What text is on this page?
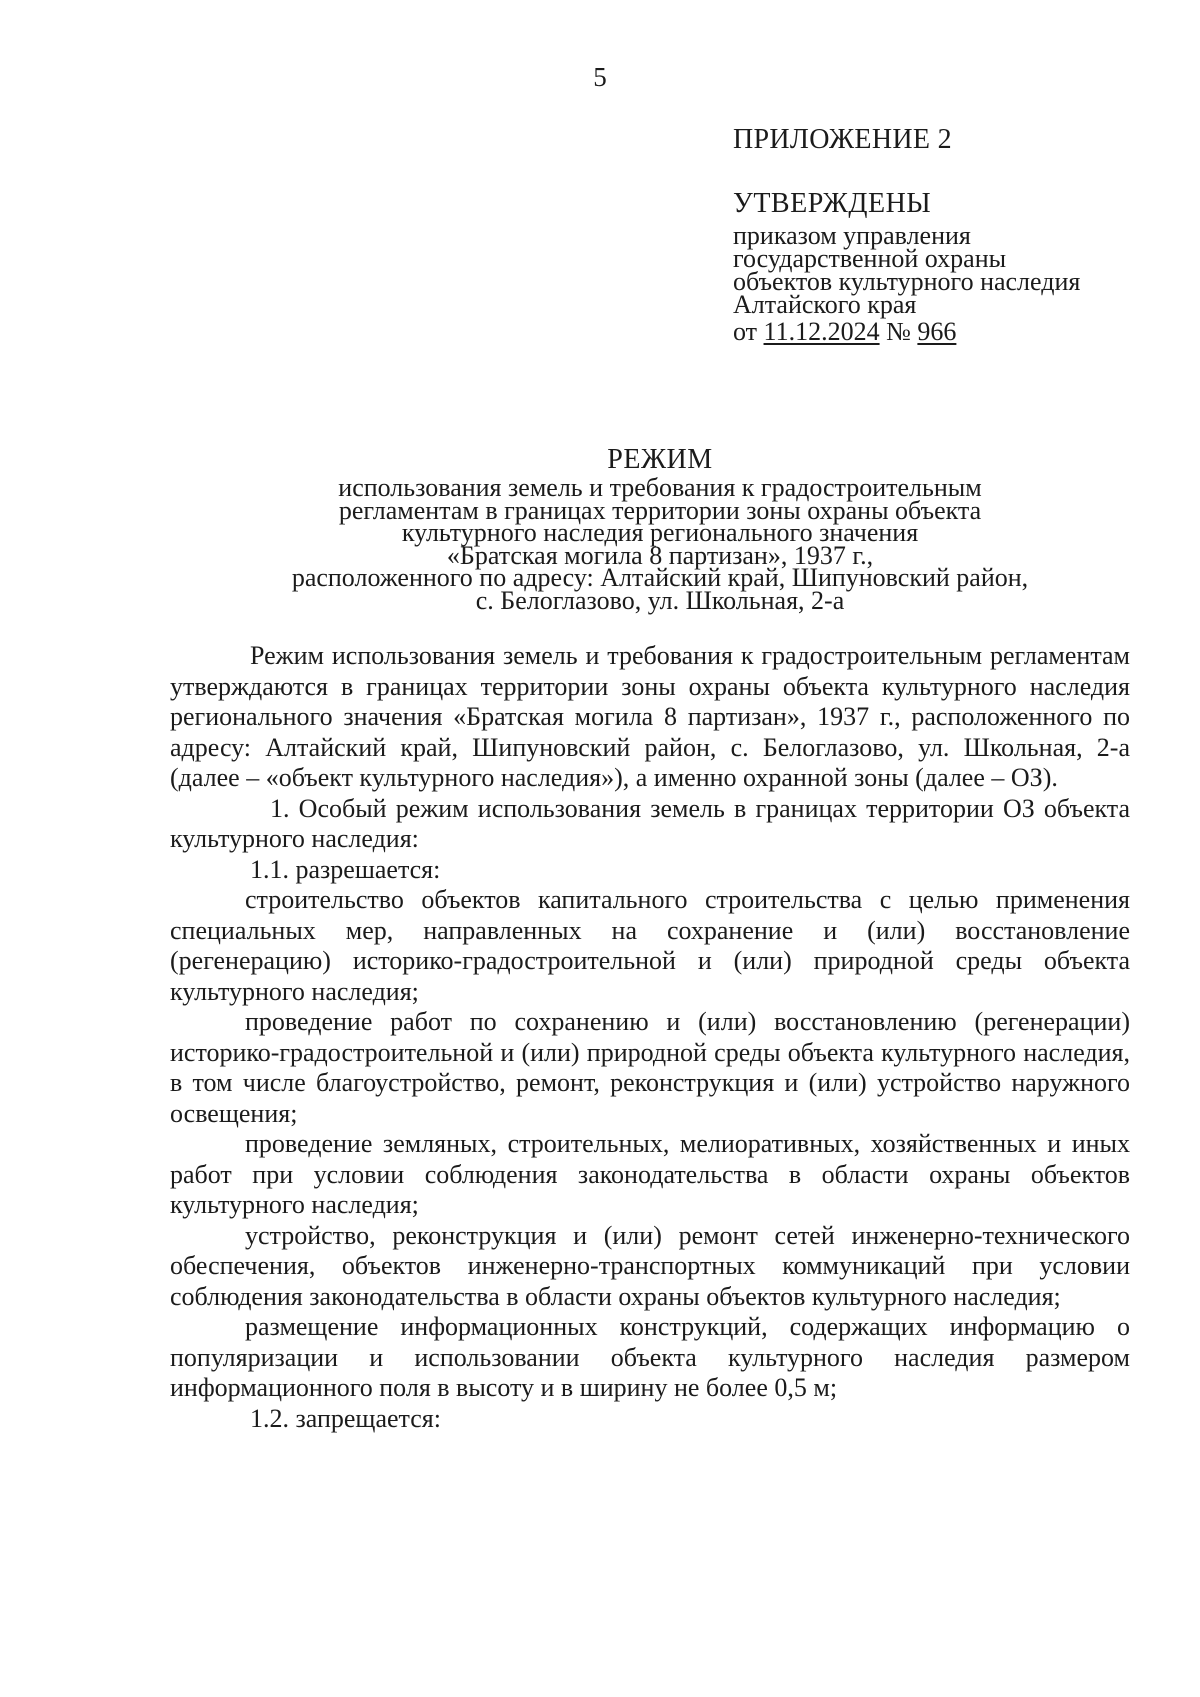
5
ПРИЛОЖЕНИЕ 2
УТВЕРЖДЕНЫ
приказом управления
государственной охраны
объектов культурного наследия
Алтайского края
от 11.12.2024 № 966
РЕЖИМ
использования земель и требования к градостроительным
регламентам в границах территории зоны охраны объекта
культурного наследия регионального значения
«Братская могила 8 партизан», 1937 г.,
расположенного по адресу: Алтайский край, Шипуновский район,
с. Белоглазово, ул. Школьная, 2-а

Режим использования земель и требования к градостроительным регламентам утверждаются в границах территории зоны охраны объекта культурного наследия регионального значения «Братская могила 8 партизан», 1937 г., расположенного по адресу: Алтайский край, Шипуновский район, с. Белоглазово, ул. Школьная, 2-а (далее – «объект культурного наследия»), а именно охранной зоны (далее – ОЗ).

1. Особый режим использования земель в границах территории ОЗ объекта культурного наследия:

1.1. разрешается:

строительство объектов капитального строительства с целью применения специальных мер, направленных на сохранение и (или) восстановление (регенерацию) историко-градостроительной и (или) природной среды объекта культурного наследия;

проведение работ по сохранению и (или) восстановлению (регенерации) историко-градостроительной и (или) природной среды объекта культурного наследия, в том числе благоустройство, ремонт, реконструкция и (или) устройство наружного освещения;

проведение земляных, строительных, мелиоративных, хозяйственных и иных работ при условии соблюдения законодательства в области охраны объектов культурного наследия;

устройство, реконструкция и (или) ремонт сетей инженерно-технического обеспечения, объектов инженерно-транспортных коммуникаций при условии соблюдения законодательства в области охраны объектов культурного наследия;

размещение информационных конструкций, содержащих информацию о популяризации и использовании объекта культурного наследия размером информационного поля в высоту и в ширину не более 0,5 м;

1.2. запрещается:
